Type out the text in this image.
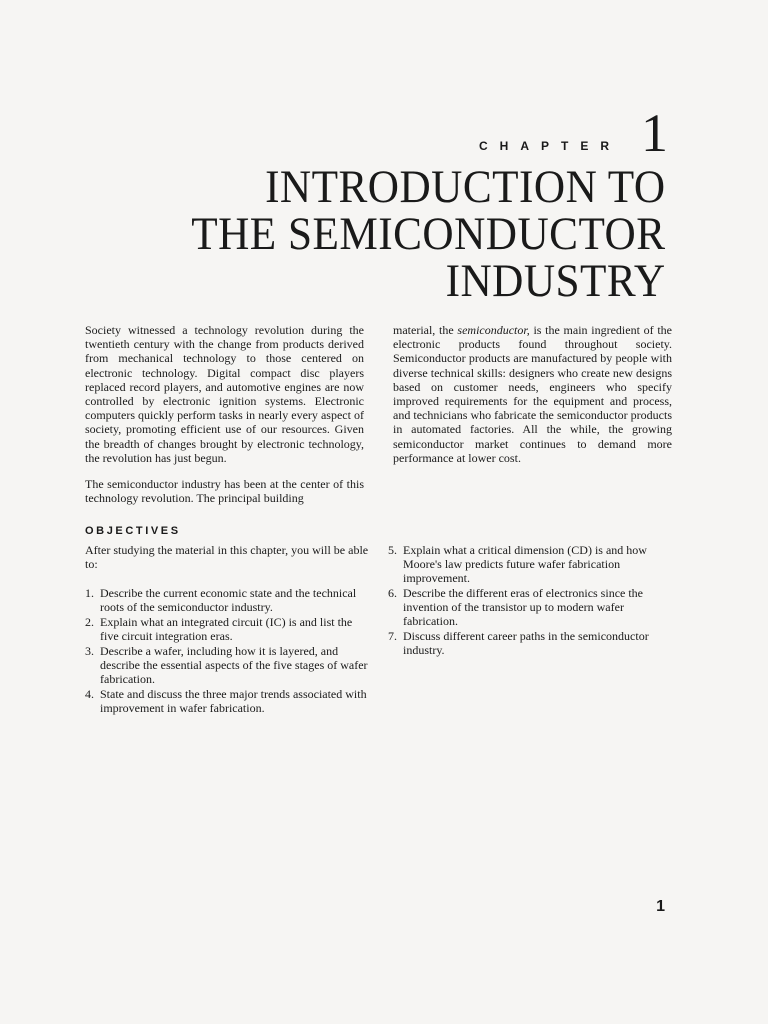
CHAPTER 1
INTRODUCTION TO
THE SEMICONDUCTOR
INDUSTRY

Society witnessed a technology revolution during the twentieth century with the change from products derived from mechanical technology to those centered on electronic technology. Digital compact disc players replaced record players, and automotive engines are now controlled by electronic ignition systems. Electronic computers quickly perform tasks in nearly every aspect of society, promoting efficient use of our resources. Given the breadth of changes brought by electronic technology, the revolution has just begun.

The semiconductor industry has been at the center of this technology revolution. The principal building

material, the semiconductor, is the main ingredient of the electronic products found throughout society. Semiconductor products are manufactured by people with diverse technical skills: designers who create new designs based on customer needs, engineers who specify improved requirements for the equipment and process, and technicians who fabricate the semiconductor products in automated factories. All the while, the growing semiconductor market continues to demand more performance at lower cost.

OBJECTIVES
After studying the material in this chapter, you will be able to:
1. Describe the current economic state and the technical roots of the semiconductor industry.
2. Explain what an integrated circuit (IC) is and list the five circuit integration eras.
3. Describe a wafer, including how it is layered, and describe the essential aspects of the five stages of wafer fabrication.
4. State and discuss the three major trends associated with improvement in wafer fabrication.
5. Explain what a critical dimension (CD) is and how Moore's law predicts future wafer fabrication improvement.
6. Describe the different eras of electronics since the invention of the transistor up to modern wafer fabrication.
7. Discuss different career paths in the semiconductor industry.
1
